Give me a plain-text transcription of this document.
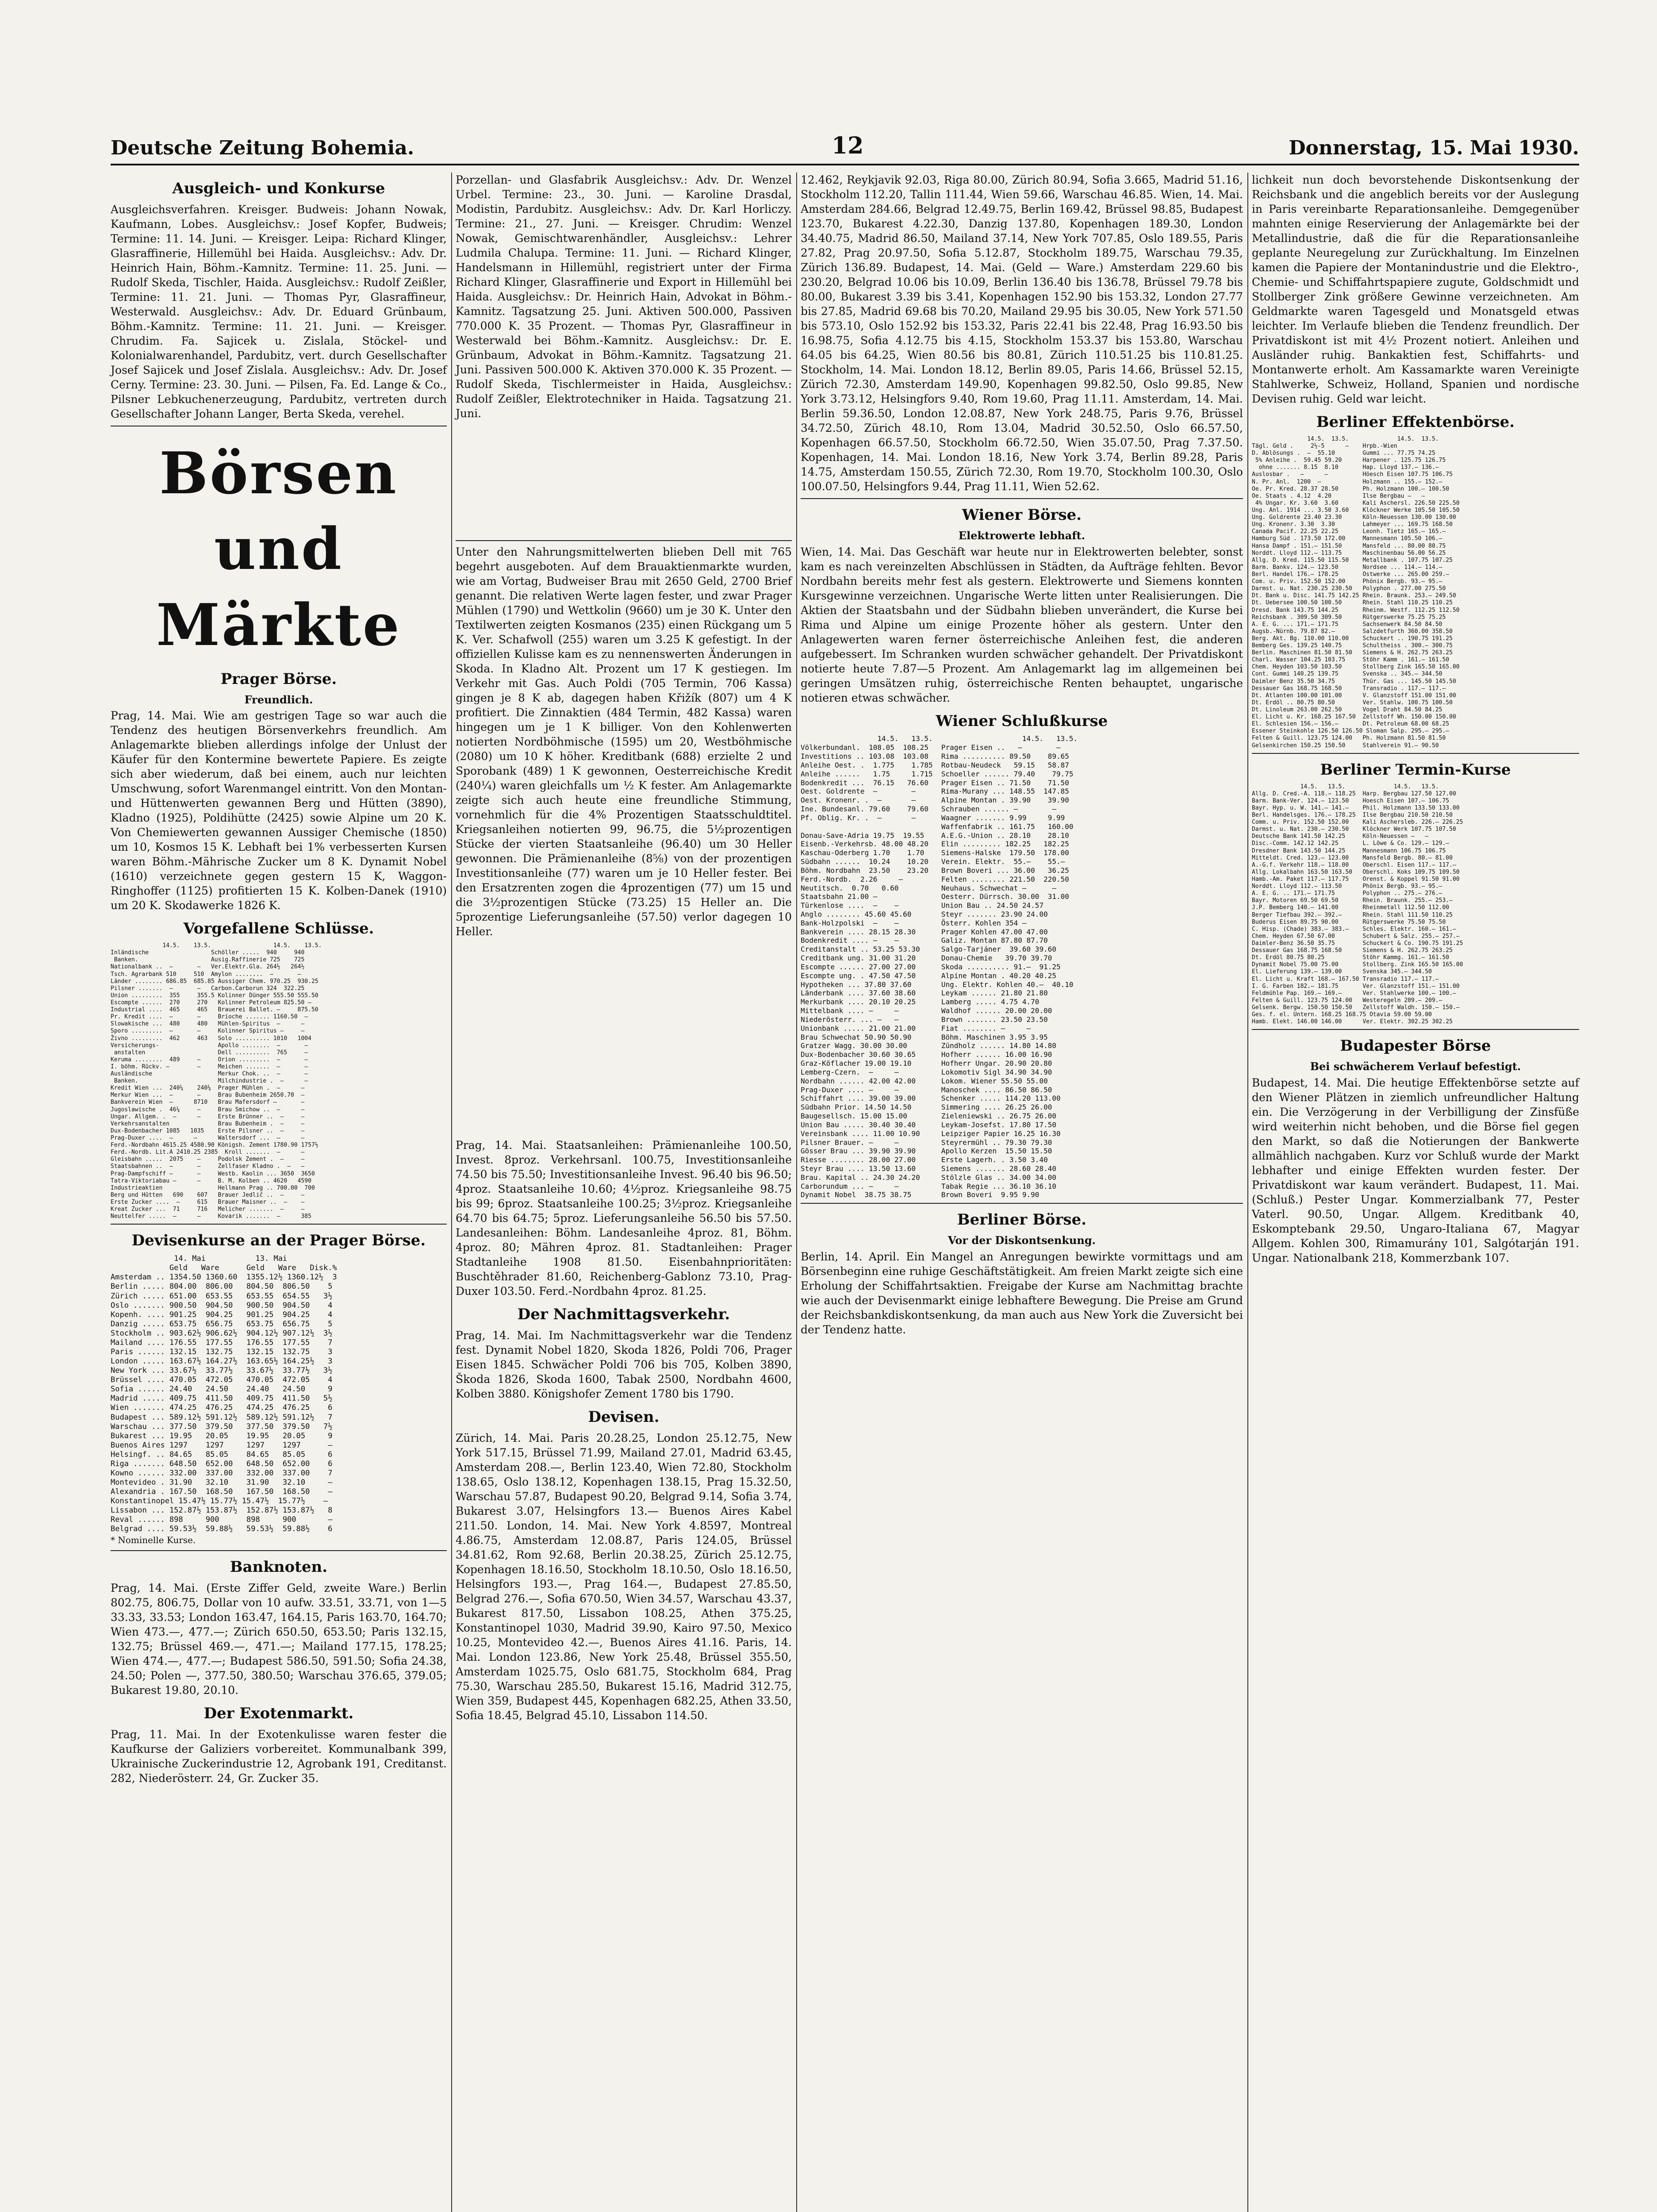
Deutsche Zeitung Bohemia.	12	Donnerstag, 15. Mai 1930.
Ausgleich- und Konkurse

Ausgleichsverfahren. Kreisger. Budweis: Johann Nowak, Kaufmann, Lobes. Ausgleichsv.: Josef Kopfer, Budweis; Termine: 11. 14. Juni. — Kreisger. Leipa: Richard Klinger, Glasraffinerie, Hillemühl bei Haida. Ausgleichsv.: Adv. Dr. Heinrich Hain, Böhm.-Kamnitz. Termine: 11. 25. Juni. — Rudolf Skeda, Tischler, Haida. Ausgleichsv.: Rudolf Zeißler, Termine: 11. 21. Juni. — Thomas Pyr, Glasraffineur, Westerwald. Ausgleichsv.: Adv. Dr. Eduard Grünbaum, Böhm.-Kamnitz. Termine: 11. 21. Juni. — Kreisger. Chrudim. Fa. Sajicek u. Zislala, Stöckel- und Kolonialwarenhandel, Pardubitz, vert. durch Gesellschafter Josef Sajicek und Josef Zislala. Ausgleichsv.: Adv. Dr. Josef Cerny. Termine: 23. 30. Juni. — Pilsen, Fa. Ed. Lange & Co., Pilsner Lebkuchenerzeugung, Pardubitz, vertreten durch Gesellschafter Johann Langer, Berta Skeda, verehel.

Börsen und Märkte
Prager Börse.
Freundlich.

Prag, 14. Mai. Wie am gestrigen Tage so war auch die Tendenz des heutigen Börsenverkehrs freundlich. Am Anlagemarkte blieben allerdings infolge der Unlust der Käufer für den Kontermine bewertete Papiere. Es zeigte sich aber wiederum, daß bei einem, auch nur leichten Umschwung, sofort Warenmangel eintritt. Von den Montan- und Hüttenwerten gewannen Berg und Hütten (3890), Kladno (1925), Poldihütte (2425) sowie Alpine um 20 K. Von Chemiewerten gewannen Aussiger Chemische (1850) um 10, Kosmos 15 K. Lebhaft bei 1% verbesserten Kursen waren Böhm.-Mährische Zucker um 8 K. Dynamit Nobel (1610) verzeichnete gegen gestern 15 K, Waggon-Ringhoffer (1125) profitierten 15 K. Kolben-Danek (1910) um 20 K. Skodawerke 1826 K.

Vorgefallene Schlüsse.
14.5.    13.5.                  14.5.    13.5.
Inländische                  Schöller .....  940     940
Banken.                     Ausig.Raffinerie 725    725
Nationalbank ..  —       —   Ver.Elektr.Gla. 264½   264½
Tsch. Agrarbank 510     510  Amylon ........  —       —
Länder ........ 686.85  685.85 Aussiger Chem. 970.25  930.25
Pilsner .......  —       —   Carbon.Carborun 324  322.25
Union .........  355     355.5 Kolinner Dünger 555.50 555.50
Escompte ......  270     270   Kolinner Petroleum 825.50 —
Industrial ....  465     465   Brauerei Ballet. —     875.50
Pr. Kredit ....  —       —     Brioche ....... 1160.50  —
Slowakische ...  480     480   Mühlen-Spiritus  —      —
Sporo .........  —       —     Kolinner Spiritus —     —
Živno .........  462     463   Solo .......... 1010   1004
Versicherungs-                 Apollo ........  —       —
anstalten                     Dell ..........  765     —
Keruma ........  489     —     Orion .........  —       —
I. böhm. Rückv. —        —     Meichen .......  —       —
Ausländische                   Merkur Chok. ..  —       —
Banken.                       Milchindustrie .  —      —
Kredit Wien ...  240¼    240¼  Prager Mühlen .  —      —
Merkur Wien ...  —       —     Brau Bubenheim 2650.70  —
Bankverein Wien  —      8710   Brau Mafersdorf —       —
Jugoslawische .  46¼     —     Brau Smichow ..  —      —
Ungar. Allgem. .  —      —     Erste Brünner ..  —     —
Verkehrsanstalten              Brau Bubenheim .  —     —
Dux-Bodenbacher 1085   1035    Erste Pilsner ..  —     —
Prag-Duxer ....  —      —      Waltersdorf ...  —      —
Ferd.-Nordbahn 4615.25 4580.90 Königsh. Zement 1780.90 1757½
Ferd.-Nordb. Lit.A 2410.25 2385  Kroll .......  —      —
Gleisbahn .....  2075    —     Podolsk Zement .  —     —
Staatsbahnen ..  —       —     Zellfaser Kladno .  —   —
Prag-Dampfschiff —       —     Westb. Kaolin ... 3650  3650
Tatra-Viktoriabau —      —     B. M. Kolben .. 4620   4590
Industrieaktien                Hellmann Prag .. 700.00  700
Berg und Hütten   690    607   Brauer Jedlič ..  —     —
Erste Zucker ....  —     615   Brauer Maisner ..  —    —
Kreat Zucker ...  71     716   Melicher .......  —     —
Neuttelfer .....  —      —     Kovarik .......  —      385
Devisenkurse an der Prager Börse.
14. Mai           13. Mai
Geld   Ware      Geld   Ware   Disk.%
Amsterdam .. 1354.50 1360.60  1355.12½ 1360.12½  3
Berlin ..... 804.00  806.00   804.50  806.50    5
Zürich ..... 651.00  653.55   653.55  654.55   3½
Oslo ....... 900.50  904.50   900.50  904.50    4
Kopenh. .... 901.25  904.25   901.25  904.25    4
Danzig ..... 653.75  656.75   653.75  656.75    5
Stockholm .. 903.62½ 906.62½  904.12½ 907.12½  3½
Mailand .... 176.55  177.55   176.55  177.55    7
Paris ...... 132.15  132.75   132.15  132.75    3
London ..... 163.67½ 164.27½  163.65½ 164.25½   3
New York ... 33.67½  33.77½   33.67½  33.77½   3½
Brüssel .... 470.05  472.05   470.05  472.05    4
Sofia ...... 24.40   24.50    24.40   24.50     9
Madrid ..... 409.75  411.50   409.75  411.50   5½
Wien ....... 474.25  476.25   474.25  476.25    6
Budapest ... 589.12½ 591.12½  589.12½ 591.12½   7
Warschau ... 377.50  379.50   377.50  379.50   7½
Bukarest ... 19.95   20.05    19.95   20.05     9
Buenos Aires 1297    1297     1297    1297      —
Helsingf. .. 84.65   85.05    84.65   85.05     6
Riga ....... 648.50  652.00   648.50  652.00    6
Kowno ...... 332.00  337.00   332.00  337.00    7
Montevideo . 31.90   32.10    31.90   32.10     —
Alexandria . 167.50  168.50   167.50  168.50    —
Konstantinopel 15.47½ 15.77½ 15.47½  15.77½    —
Lissabon ... 152.87½ 153.87½  152.87½ 153.87½   8
Reval ...... 898     900      898     900       —
Belgrad .... 59.53½  59.88½   59.53½  59.88½    6

* Nominelle Kurse.

Banknoten.

Prag, 14. Mai. (Erste Ziffer Geld, zweite Ware.) Berlin 802.75, 806.75, Dollar von 10 aufw. 33.51, 33.71, von 1—5 33.33, 33.53; London 163.47, 164.15, Paris 163.70, 164.70; Wien 473.—, 477.—; Zürich 650.50, 653.50; Paris 132.15, 132.75; Brüssel 469.—, 471.—; Mailand 177.15, 178.25; Wien 474.—, 477.—; Budapest 586.50, 591.50; Sofia 24.38, 24.50; Polen —, 377.50, 380.50; Warschau 376.65, 379.05; Bukarest 19.80, 20.10.

Der Exotenmarkt.

Prag, 11. Mai. In der Exotenkulisse waren fester die Kaufkurse der Galiziers vorbereitet. Kommunalbank 399, Ukrainische Zuckerindustrie 12, Agrobank 191, Creditanst. 282, Niederösterr. 24, Gr. Zucker 35.

Porzellan- und Glasfabrik Ausgleichsv.: Adv. Dr. Wenzel Urbel. Termine: 23., 30. Juni. — Karoline Drasdal, Modistin, Pardubitz. Ausgleichsv.: Adv. Dr. Karl Horliczy. Termine: 21., 27. Juni. — Kreisger. Chrudim: Wenzel Nowak, Gemischtwarenhändler, Ausgleichsv.: Lehrer Ludmila Chalupa. Termine: 11. Juni. — Richard Klinger, Handelsmann in Hillemühl, registriert unter der Firma Richard Klinger, Glasraffinerie und Export in Hillemühl bei Haida. Ausgleichsv.: Dr. Heinrich Hain, Advokat in Böhm.-Kamnitz. Tagsatzung 25. Juni. Aktiven 500.000, Passiven 770.000 K. 35 Prozent. — Thomas Pyr, Glasraffineur in Westerwald bei Böhm.-Kamnitz. Ausgleichsv.: Dr. E. Grünbaum, Advokat in Böhm.-Kamnitz. Tagsatzung 21. Juni. Passiven 500.000 K. Aktiven 370.000 K. 35 Prozent. — Rudolf Skeda, Tischlermeister in Haida, Ausgleichsv.: Rudolf Zeißler, Elektrotechniker in Haida. Tagsatzung 21. Juni.

Unter den Nahrungsmittelwerten blieben Dell mit 765 begehrt ausgeboten. Auf dem Brauaktienmarkte wurden, wie am Vortag, Budweiser Brau mit 2650 Geld, 2700 Brief genannt. Die relativen Werte lagen fester, und zwar Prager Mühlen (1790) und Wettkolin (9660) um je 30 K. Unter den Textilwerten zeigten Kosmanos (235) einen Rückgang um 5 K. Ver. Schafwoll (255) waren um 3.25 K gefestigt. In der offiziellen Kulisse kam es zu nennenswerten Änderungen in Skoda. In Kladno Alt. Prozent um 17 K gestiegen. Im Verkehr mit Gas. Auch Poldi (705 Termin, 706 Kassa) gingen je 8 K ab, dagegen haben Křižík (807) um 4 K profitiert. Die Zinnaktien (484 Termin, 482 Kassa) waren hingegen um je 1 K billiger. Von den Kohlenwerten notierten Nordböhmische (1595) um 20, Westböhmische (2080) um 10 K höher. Kreditbank (688) erzielte 2 und Sporobank (489) 1 K gewonnen, Oesterreichische Kredit (240¼) waren gleichfalls um ½ K fester. Am Anlagemarkte zeigte sich auch heute eine freundliche Stimmung, vornehmlich für die 4% Prozentigen Staatsschuldtitel. Kriegsanleihen notierten 99, 96.75, die 5½prozentigen Stücke der vierten Staatsanleihe (96.40) um 30 Heller gewonnen. Die Prämienanleihe (8⅝) von der prozentigen Investitionsanleihe (77) waren um je 10 Heller fester. Bei den Ersatzrenten zogen die 4prozentigen (77) um 15 und die 3½prozentigen Stücke (73.25) 15 Heller an. Die 5prozentige Lieferungsanleihe (57.50) verlor dagegen 10 Heller.

Prag, 14. Mai. Staatsanleihen: Prämienanleihe 100.50, Invest. 8proz. Verkehrsanl. 100.75, Investitionsanleihe 74.50 bis 75.50; Investitionsanleihe Invest. 96.40 bis 96.50; 4proz. Staatsanleihe 10.60; 4½proz. Kriegsanleihe 98.75 bis 99; 6proz. Staatsanleihe 100.25; 3½proz. Kriegsanleihe 64.70 bis 64.75; 5proz. Lieferungsanleihe 56.50 bis 57.50. Landesanleihen: Böhm. Landesanleihe 4proz. 81, Böhm. 4proz. 80; Mähren 4proz. 81. Stadtanleihen: Prager Stadtanleihe 1908 81.50. Eisenbahnprioritäten: Buschtěhrader 81.60, Reichenberg-Gablonz 73.10, Prag-Duxer 103.50. Ferd.-Nordbahn 4proz. 81.25.

Der Nachmittagsverkehr.

Prag, 14. Mai. Im Nachmittagsverkehr war die Tendenz fest. Dynamit Nobel 1820, Skoda 1826, Poldi 706, Prager Eisen 1845. Schwächer Poldi 706 bis 705, Kolben 3890, Škoda 1826, Skoda 1600, Tabak 2500, Nordbahn 4600, Kolben 3880. Königshofer Zement 1780 bis 1790.

Devisen.

Zürich, 14. Mai. Paris 20.28.25, London 25.12.75, New York 517.15, Brüssel 71.99, Mailand 27.01, Madrid 63.45, Amsterdam 208.—, Berlin 123.40, Wien 72.80, Stockholm 138.65, Oslo 138.12, Kopenhagen 138.15, Prag 15.32.50, Warschau 57.87, Budapest 90.20, Belgrad 9.14, Sofia 3.74, Bukarest 3.07, Helsingfors 13.— Buenos Aires Kabel 211.50. London, 14. Mai. New York 4.8597, Montreal 4.86.75, Amsterdam 12.08.87, Paris 124.05, Brüssel 34.81.62, Rom 92.68, Berlin 20.38.25, Zürich 25.12.75, Kopenhagen 18.16.50, Stockholm 18.10.50, Oslo 18.16.50, Helsingfors 193.—, Prag 164.—, Budapest 27.85.50, Belgrad 276.—, Sofia 670.50, Wien 34.57, Warschau 43.37, Bukarest 817.50, Lissabon 108.25, Athen 375.25, Konstantinopel 1030, Madrid 39.90, Kairo 97.50, Mexico 10.25, Montevideo 42.—, Buenos Aires 41.16. Paris, 14. Mai. London 123.86, New York 25.48, Brüssel 355.50, Amsterdam 1025.75, Oslo 681.75, Stockholm 684, Prag 75.30, Warschau 285.50, Bukarest 15.16, Madrid 312.75, Wien 359, Budapest 445, Kopenhagen 682.25, Athen 33.50, Sofia 18.45, Belgrad 45.10, Lissabon 114.50.

12.462, Reykjavik 92.03, Riga 80.00, Zürich 80.94, Sofia 3.665, Madrid 51.16, Stockholm 112.20, Tallin 111.44, Wien 59.66, Warschau 46.85. Wien, 14. Mai. Amsterdam 284.66, Belgrad 12.49.75, Berlin 169.42, Brüssel 98.85, Budapest 123.70, Bukarest 4.22.30, Danzig 137.80, Kopenhagen 189.30, London 34.40.75, Madrid 86.50, Mailand 37.14, New York 707.85, Oslo 189.55, Paris 27.82, Prag 20.97.50, Sofia 5.12.87, Stockholm 189.75, Warschau 79.35, Zürich 136.89. Budapest, 14. Mai. (Geld — Ware.) Amsterdam 229.60 bis 230.20, Belgrad 10.06 bis 10.09, Berlin 136.40 bis 136.78, Brüssel 79.78 bis 80.00, Bukarest 3.39 bis 3.41, Kopenhagen 152.90 bis 153.32, London 27.77 bis 27.85, Madrid 69.68 bis 70.20, Mailand 29.95 bis 30.05, New York 571.50 bis 573.10, Oslo 152.92 bis 153.32, Paris 22.41 bis 22.48, Prag 16.93.50 bis 16.98.75, Sofia 4.12.75 bis 4.15, Stockholm 153.37 bis 153.80, Warschau 64.05 bis 64.25, Wien 80.56 bis 80.81, Zürich 110.51.25 bis 110.81.25. Stockholm, 14. Mai. London 18.12, Berlin 89.05, Paris 14.66, Brüssel 52.15, Zürich 72.30, Amsterdam 149.90, Kopenhagen 99.82.50, Oslo 99.85, New York 3.73.12, Helsingfors 9.40, Rom 19.60, Prag 11.11. Amsterdam, 14. Mai. Berlin 59.36.50, London 12.08.87, New York 248.75, Paris 9.76, Brüssel 34.72.50, Zürich 48.10, Rom 13.04, Madrid 30.52.50, Oslo 66.57.50, Kopenhagen 66.57.50, Stockholm 66.72.50, Wien 35.07.50, Prag 7.37.50. Kopenhagen, 14. Mai. London 18.16, New York 3.74, Berlin 89.28, Paris 14.75, Amsterdam 150.55, Zürich 72.30, Rom 19.70, Stockholm 100.30, Oslo 100.07.50, Helsingfors 9.44, Prag 11.11, Wien 52.62.

Wiener Börse.
Elektrowerte lebhaft.

Wien, 14. Mai. Das Geschäft war heute nur in Elektrowerten belebter, sonst kam es nach vereinzelten Abschlüssen in Städten, da Aufträge fehlten. Bevor Nordbahn bereits mehr fest als gestern. Elektrowerte und Siemens konnten Kursgewinne verzeichnen. Ungarische Werte litten unter Realisierungen. Die Aktien der Staatsbahn und der Südbahn blieben unverändert, die Kurse bei Rima und Alpine um einige Prozente höher als gestern. Unter den Anlagewerten waren ferner österreichische Anleihen fest, die anderen aufgebessert. Im Schranken wurden schwächer gehandelt. Der Privatdiskont notierte heute 7.87—5 Prozent. Am Anlagemarkt lag im allgemeinen bei geringen Umsätzen ruhig, österreichische Renten behauptet, ungarische notieren etwas schwächer.

Wiener Schlußkurse
14.5.   13.5.                     14.5.   13.5.
Völkerbundanl.  108.05  108.25   Prager Eisen ..   —        —
Investitions .. 103.08  103.08   Rima .......... 89.50    89.65
Anleihe Oest. .  1.775    1.785  Rotbau-Neudeck   59.15   58.87
Anleihe ......   1.75     1.715  Schoeller ...... 79.40    79.75
Bodenkredit ...  76.15   76.60   Prager Eisen .. 71.50    71.50
Oest. Goldrente  —        —      Rima-Murany ... 148.55  147.85
Oest. Kronenr. .  —       —      Alpine Montan . 39.90    39.90
Ine. Bundesanl. 79.60    79.60   Schrauben ...... —        —
Pf. Oblig. Kr. .  —       —      Waagner ....... 9.99     9.99
Waffenfabrik .. 161.75   160.00
Donau-Save-Adria 19.75  19.55    A.E.G.-Union .. 28.10    28.10
Eisenb.-Verkehrsb. 48.00 48.20   Elin ......... 182.25   182.25
Kaschau-Oderberg 1.70    1.70    Siemens-Halske  179.50  178.00
Südbahn ......  10.24    10.20   Verein. Elektr.  55.—    55.—
Böhm. Nordbahn  23.50    23.20   Brown Boveri ... 36.00   36.25
Ferd.-Nordb.  2.26     —         Felten ........ 221.50  220.50
Neutitsch.  0.70   0.60          Neuhaus. Schwechat —      —
Staatsbahn 21.00 —               Oesterr. Dürrsch. 30.00  31.00
Türkenlose ....  —    —          Union Bau .. 24.50 24.57
Anglo ........ 45.60 45.60       Steyr ....... 23.90 24.00
Bank-Holzpolski  —    —          Österr. Kohlen 354 —
Bankverein .... 28.15 28.30      Prager Kohlen 47.00 47.00
Bodenkredit .... —    —          Galiz. Montan 87.80 87.70
Creditanstalt .. 53.25 53.30     Salgo-Tarjáner  39.60 39.60
Creditbank ung. 31.00 31.20      Donau-Chemie   39.70 39.70
Escompte ...... 27.00 27.00      Skoda .......... 91.—  91.25
Escompte ung. . 47.50 47.50      Alpine Montan . 40.20 40.25
Hypotheken ... 37.80 37.60       Ung. Elektr. Kohlen 40.—  40.10
Länderbank .... 37.60 38.60      Leykam ...... 21.80 21.80
Merkurbank .... 20.10 20.25      Lamberg ..... 4.75 4.70
Mittelbank .... —     —          Waldhof ...... 20.00 20.00
Niederösterr. ... —   —          Brown ....... 23.50 23.50
Unionbank ..... 21.00 21.00      Fiat ........ —     —
Brau Schwechat 50.90 50.90       Böhm. Maschinen 3.95 3.95
Gratzer Wagg. 30.00 30.00        Zündholz ...... 14.80 14.80
Dux-Bodenbacher 30.60 30.65      Hofherr ...... 16.00 16.90
Graz-Köflacher 19.00 19.10       Hofherr Ungar. 20.90 20.80
Lemberg-Czern.  —     —          Lokomotiv Sigl 34.90 34.90
Nordbahn ...... 42.00 42.00      Lokom. Wiener 55.50 55.00
Prag-Duxer .... —     —          Manoschek .... 86.50 86.50
Schiffahrt .... 39.00 39.00      Schenker ..... 114.20 113.00
Südbahn Prior. 14.50 14.50       Simmering .... 26.25 26.00
Baugesellsch. 15.00 15.00        Zieleniewski .. 26.75 26.00
Union Bau ..... 30.40 30.40      Leykam-Josefst. 17.80 17.50
Vereinsbank .... 11.00 10.90     Leipziger Papier 16.25 16.30
Pilsner Brauer. —     —          Steyrermühl .. 79.30 79.30
Gösser Brau ... 39.90 39.90      Apollo Kerzen  15.50 15.50
Riesse ........ 28.00 27.00      Erste Lagerh. . 3.50 3.40
Steyr Brau .... 13.50 13.60      Siemens ....... 28.60 28.40
Brau. Kapital .. 24.30 24.20     Stölzle Glas .. 34.00 34.00
Carborundum ... —     —          Tabak Regie ... 36.10 36.10
Dynamit Nobel  38.75 38.75       Brown Boveri  9.95 9.90
Berliner Börse.
Vor der Diskontsenkung.

Berlin, 14. April. Ein Mangel an Anregungen bewirkte vormittags und am Börsenbeginn eine ruhige Geschäftstätigkeit. Am freien Markt zeigte sich eine Erholung der Schiffahrtsaktien. Freigabe der Kurse am Nachmittag brachte wie auch der Devisenmarkt einige lebhaftere Bewegung. Die Preise am Grund der Reichsbankdiskontsenkung, da man auch aus New York die Zuversicht bei der Tendenz hatte.

lichkeit nun doch bevorstehende Diskontsenkung der Reichsbank und die angeblich bereits vor der Auslegung in Paris vereinbarte Reparationsanleihe. Demgegenüber mahnten einige Reservierung der Anlagemärkte bei der Metallindustrie, daß die für die Reparationsanleihe geplante Neuregelung zur Zurückhaltung. Im Einzelnen kamen die Papiere der Montanindustrie und die Elektro-, Chemie- und Schiffahrtspapiere zugute, Goldschmidt und Stollberger Zink größere Gewinne verzeichneten. Am Geldmarkte waren Tagesgeld und Monatsgeld etwas leichter. Im Verlaufe blieben die Tendenz freundlich. Der Privatdiskont ist mit 4½ Prozent notiert. Anleihen und Ausländer ruhig. Bankaktien fest, Schiffahrts- und Montanwerte erholt. Am Kassamarkte waren Vereinigte Stahlwerke, Schweiz, Holland, Spanien und nordische Devisen ruhig. Geld war leicht.

Berliner Effektenbörse.
14.5.  13.5.              14.5.  13.5.
Tägl. Geld .     2½-5      —    Hrpb.-Wien
D. Ablösungs .  —  55.10        Gummi ... 77.75 74.25
5% Anleihe .  59.45 59.20      Harpener . 125.75 126.75
ohne ....... 8.15  8.10       Hap. Lloyd 137.— 136.—
Auslosbar .   —      —          Höesch Eisen 107.75 106.75
N. Pr. Anl.  1200  —            Holzmann .. 155.— 152.—
Oe. Pr. Kred. 28.37 28.50       Ph. Holzmann 100.— 100.50
Oe. Staats . 4.12  4.20         Ilse Bergbau —   —
4% Ungar. Kr. 3.60  3.60       Kali Aschersl. 226.50 225.50
Ung. Anl. 1914 ... 3.50 3.60    Klöckner Werke 105.50 105.50
Ung. Goldrente 23.40 23.30      Köln-Neuessen 130.00 130.00
Ung. Kronenr. 3.30  3.30        Lahmeyer ... 169.75 168.50
Canada Pacif. 22.25 22.25       Leonh. Tietz 165.— 165.—
Hamburg Süd . 173.50 172.00     Mannesmann 105.50 106.—
Hansa Dampf . 151.— 151.50      Mansfeld ... 80.00 80.75
Norddt. Lloyd 112.— 113.75      Maschinenbau 56.00 56.25
Allg. D. Kred. 115.50 115.50    Metallbank . 107.75 107.25
Barm. Bankv. 124.— 123.50       Nordsee ... 114.— 114.—
Berl. Handel 176.— 178.25       Ostwerke ... 265.00 259.—
Com. u. Priv. 152.50 152.00     Phönix Bergb. 93.— 95.—
Darmst. u. Nat. 230.25 230.50   Polyphon . 277.00 275.50
Dt. Bank u. Disc. 141.75 142.25 Rhein. Braunk. 253.— 249.50
Dt. Uebersee 100.50 100.50      Rhein. Stahl 110.25 110.25
Dresd. Bank 143.75 144.25       Rheinm. Westf. 112.25 112.50
Reichsbank . 309.50 309.50      Rütgerswerke 75.25 75.25
A. E. G. ... 171.— 171.75       Sachsenwerk 84.50 84.50
Augsb.-Nürnb. 79.87 82.—        Salzdetfurth 360.00 358.50
Berg. Akt. Bg. 110.00 110.00    Schuckert .. 190.75 191.25
Bemberg Ges. 139.25 140.75      Schultheiss . 300.— 300.75
Berlin. Maschinen 81.50 81.50   Siemens & H. 262.75 263.25
Charl. Wasser 104.25 103.75     Stöhr Kamm . 161.— 161.50
Chem. Heyden 103.50 103.50      Stollberg Zink 165.50 165.00
Cont. Gummi 140.25 139.75       Svenska .. 345.— 344.50
Daimler Benz 35.50 34.75        Thür. Gas ... 145.50 145.50
Dessauer Gas 168.75 168.50      Transradio . 117.— 117.—
Dt. Atlanten 100.00 101.00      V. Glanzstoff 151.00 151.00
Dt. Erdöl .. 80.75 80.50        Ver. Stahlw. 100.75 100.50
Dt. Linoleum 263.00 262.50      Vogel Draht 84.50 84.25
El. Licht u. Kr. 168.25 167.50  Zellstoff Wh. 150.00 150.00
El. Schlesien 156.— 156.—       Dt. Petroleum 68.00 68.25
Essener Steinkohle 126.50 126.50 Sloman Salp. 295.— 295.—
Felten & Guill. 123.75 124.00   Ph. Holzmann 81.50 81.50
Gelsenkirchen 150.25 150.50     Stahlverein 91.— 90.50
Berliner Termin-Kurse
14.5.   13.5.              14.5.   13.5.
Allg. D. Cred.-A. 118.— 118.25  Harp. Bergbau 127.50 127.00
Barm. Bank-Ver. 124.— 123.50    Hoesch Eisen 107.— 106.75
Bayr. Hyp. u. W. 141.— 141.—    Phil. Holzmann 133.50 133.00
Berl. Handelsges. 176.— 178.25  Ilse Bergbau 210.50 210.50
Comm. u. Priv. 152.50 152.00    Kali Aschersleb. 226.— 226.25
Darmst. u. Nat. 230.— 230.50    Klöckner Werk 107.75 107.50
Deutsche Bank 141.50 142.25     Köln-Neuessen —   —
Disc.-Comm. 142.12 142.25       L. Löwe & Co. 129.— 129.—
Dresdner Bank 143.50 144.25     Mannesmann 106.75 106.75
Mitteldt. Cred. 123.— 123.00    Mansfeld Bergb. 80.— 81.00
A.-G.f. Verkehr 118.— 118.00    Oberschl. Eisen 117.— 117.—
Allg. Lokalbahn 163.50 163.50   Oberschl. Koks 109.75 109.50
Hamb.-Am. Paket 117.— 117.75    Orenst. & Koppel 91.50 91.00
Norddt. Lloyd 112.— 113.50      Phönix Bergb. 93.— 95.—
A. E. G. .. 171.— 171.75        Polyphon .. 275.— 276.—
Bayr. Motoren 69.50 69.50       Rhein. Braunk. 255.— 253.—
J.P. Bemberg 140.— 141.00       Rheinmetall 112.50 112.00
Berger Tiefbau 392.— 392.—      Rhein. Stahl 111.50 110.25
Buderus Eisen 89.75 90.00       Rütgerswerke 75.50 75.50
C. Hisp. (Chade) 383.— 383.—    Schles. Elektr. 160.— 161.—
Chem. Heyden 67.50 67.00        Schubert & Salz. 255.— 257.—
Daimler-Benz 36.50 35.75        Schuckert & Co. 190.75 191.25
Dessauer Gas 168.75 168.50      Siemens & H. 262.75 263.25
Dt. Erdöl 80.75 80.25           Stöhr Kammg. 161.— 161.50
Dynamit Nobel 75.00 75.00       Stollberg. Zink 165.50 165.00
El. Lieferung 139.— 139.00      Svenska 345.— 344.50
El. Licht u. Kraft 168.— 167.50 Transradio 117.— 117.—
I. G. Farben 182.— 181.75       Ver. Glanzstoff 151.— 151.00
Feldmühle Pap. 169.— 169.—      Ver. Stahlwerke 100.— 100.—
Felten & Guill. 123.75 124.00   Westeregeln 209.— 209.—
Gelsenk. Bergw. 150.50 150.50   Zellstoff Waldh. 150.— 150.—
Ges. f. el. Untern. 168.25 168.75 Otavia 59.00 59.00
Hamb. Elekt. 146.00 146.00      Ver. Elektr. 302.25 302.25
Budapester Börse
Bei schwächerem Verlauf befestigt.

Budapest, 14. Mai. Die heutige Effektenbörse setzte auf den Wiener Plätzen in ziemlich unfreundlicher Haltung ein. Die Verzögerung in der Verbilligung der Zinsfüße wird weiterhin nicht behoben, und die Börse fiel gegen den Markt, so daß die Notierungen der Bankwerte allmählich nachgaben. Kurz vor Schluß wurde der Markt lebhafter und einige Effekten wurden fester. Der Privatdiskont war kaum verändert. Budapest, 11. Mai. (Schluß.) Pester Ungar. Kommerzialbank 77, Pester Vaterl. 90.50, Ungar. Allgem. Kreditbank 40, Eskomptebank 29.50, Ungaro-Italiana 67, Magyar Allgem. Kohlen 300, Rimamurány 101, Salgótarján 191. Ungar. Nationalbank 218, Kommerzbank 107.
